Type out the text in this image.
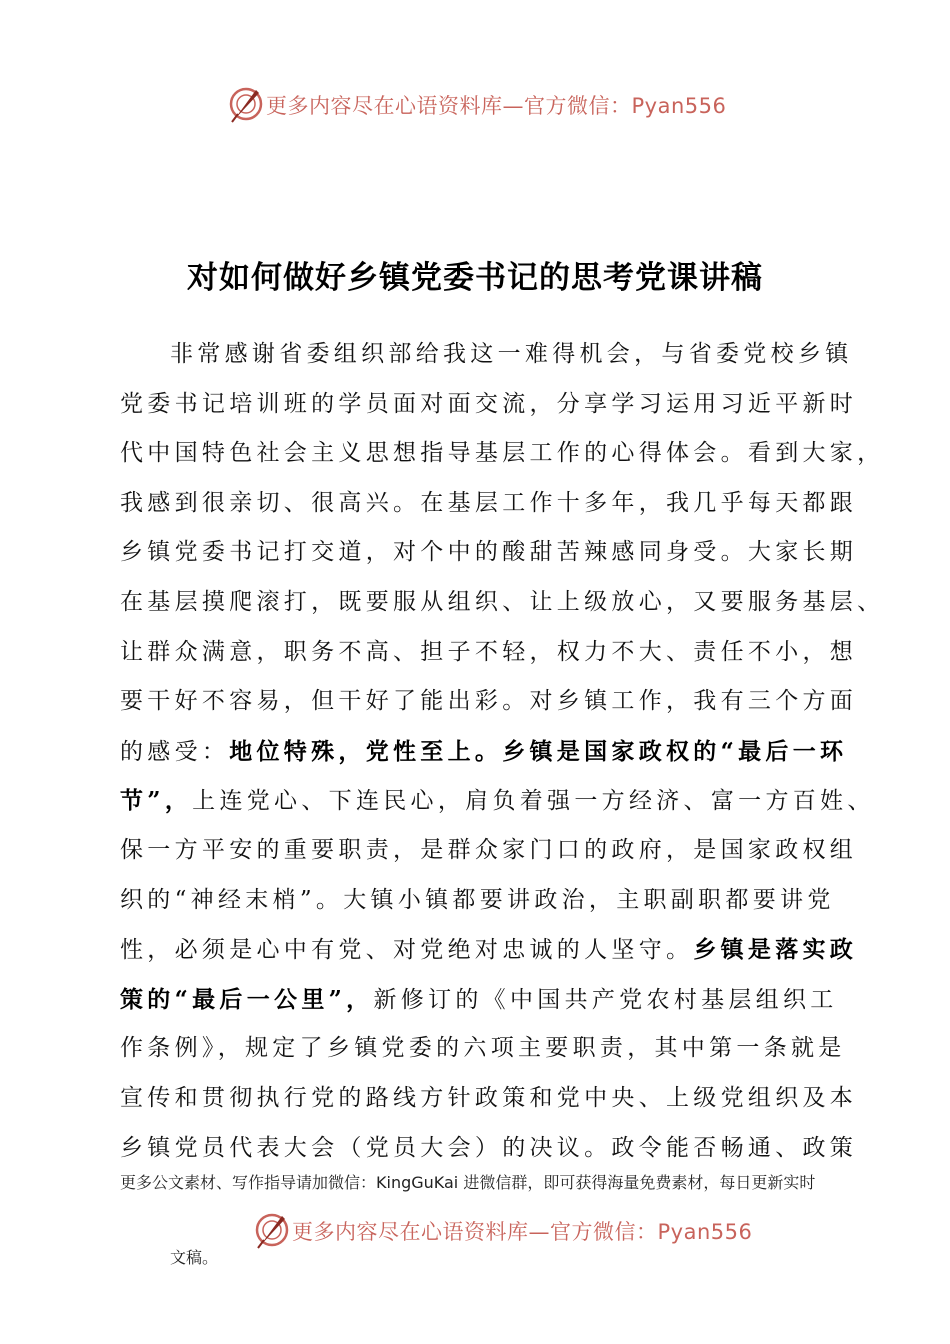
更多内容尽在心语资料库—官方微信：Pyan556
对如何做好乡镇党委书记的思考党课讲稿
非常感谢省委组织部给我这一难得机会，与省委党校乡镇
党委书记培训班的学员面对面交流，分享学习运用习近平新时
代中国特色社会主义思想指导基层工作的心得体会。看到大家，
我感到很亲切、很高兴。在基层工作十多年，我几乎每天都跟
乡镇党委书记打交道，对个中的酸甜苦辣感同身受。大家长期
在基层摸爬滚打，既要服从组织、让上级放心，又要服务基层、
让群众满意，职务不高、担子不轻，权力不大、责任不小，想
要干好不容易，但干好了能出彩。对乡镇工作，我有三个方面
的感受：地位特殊，党性至上。乡镇是国家政权的“最后一环
节”，上连党心、下连民心，肩负着强一方经济、富一方百姓、
保一方平安的重要职责，是群众家门口的政府，是国家政权组
织的“神经末梢”。大镇小镇都要讲政治，主职副职都要讲党
性，必须是心中有党、对党绝对忠诚的人坚守。乡镇是落实政
策的“最后一公里”，新修订的《中国共产党农村基层组织工
作条例》，规定了乡镇党委的六项主要职责，其中第一条就是
宣传和贯彻执行党的路线方针政策和党中央、上级党组织及本
乡镇党员代表大会（党员大会）的决议。政令能否畅通、政策
更多公文素材、写作指导请加微信：KingGuKai 进微信群，即可获得海量免费素材，每日更新实时
更多内容尽在心语资料库—官方微信：Pyan556
文稿。
